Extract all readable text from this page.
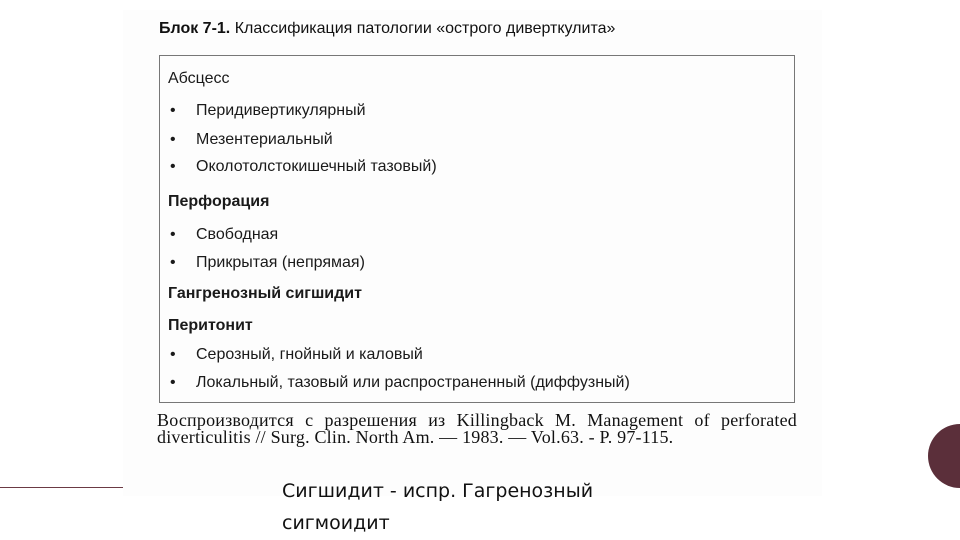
Блок 7-1. Классификация патологии «острого диверткулита»
Абсцесс
• Перидивертикулярный
• Мезентериальный
• Околотолстокишечный тазовый)
Перфорация
• Свободная
• Прикрытая (непрямая)
Гангренозный сигшидит
Перитонит
• Серозный, гнойный и каловый
• Локальный, тазовый или распространенный (диффузный)
Воспроизводится с разрешения из Killingback M. Management of perforated diverticulitis // Surg. Clin. North Am. — 1983. — Vol.63. - P. 97-115.
Сигшидит - испр. Гагренозный сигмоидит
